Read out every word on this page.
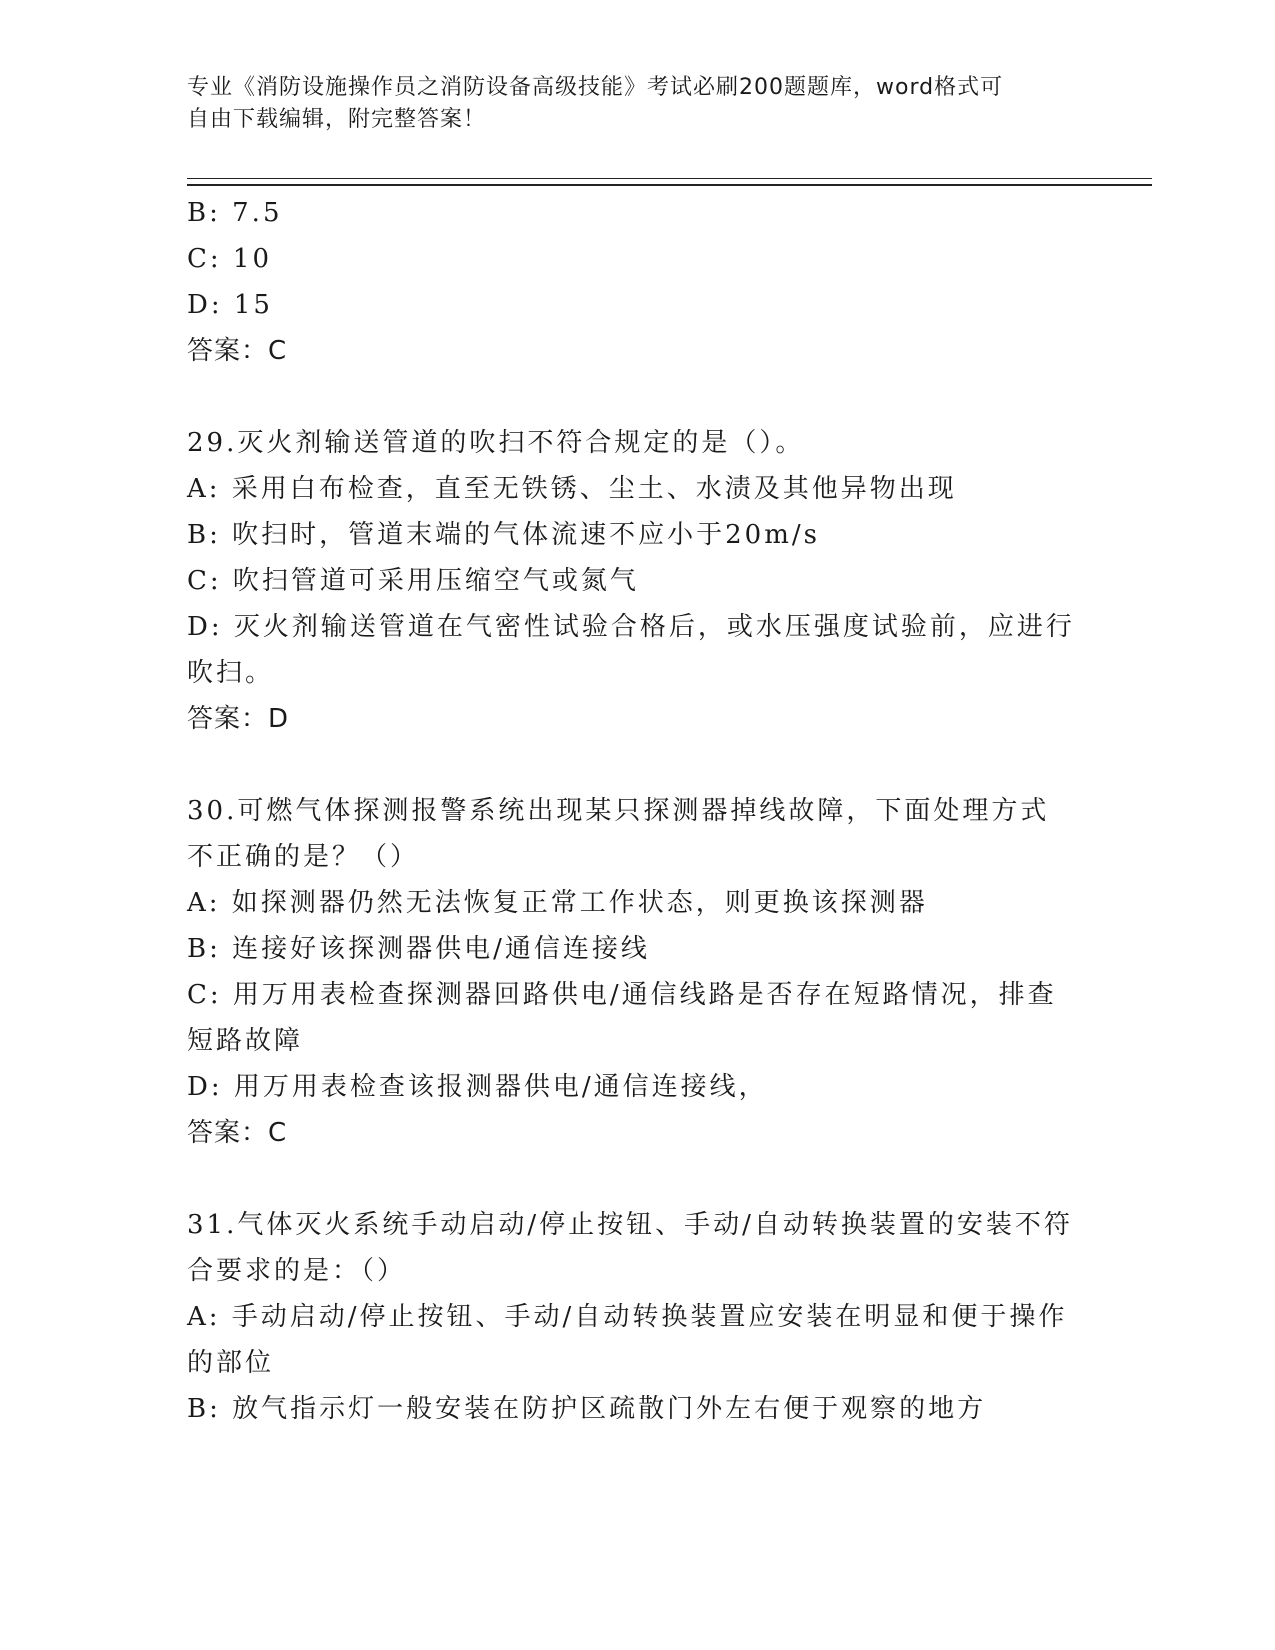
专业《消防设施操作员之消防设备高级技能》考试必刷200题题库，word格式可
自由下载编辑，附完整答案！

B: 7.5

C: 10

D: 15

答案：C

29.灭火剂输送管道的吹扫不符合规定的是（）。

A: 采用白布检查，直至无铁锈、尘土、水渍及其他异物出现

B: 吹扫时，管道末端的气体流速不应小于20m/s

C: 吹扫管道可采用压缩空气或氮气

D: 灭火剂输送管道在气密性试验合格后，或水压强度试验前，应进行吹扫。

答案：D

30.可燃气体探测报警系统出现某只探测器掉线故障，下面处理方式不正确的是？（）

A: 如探测器仍然无法恢复正常工作状态，则更换该探测器

B: 连接好该探测器供电/通信连接线

C: 用万用表检查探测器回路供电/通信线路是否存在短路情况，排查短路故障

D: 用万用表检查该报测器供电/通信连接线，

答案：C

31.气体灭火系统手动启动/停止按钮、手动/自动转换装置的安装不符合要求的是：（）

A: 手动启动/停止按钮、手动/自动转换装置应安装在明显和便于操作的部位

B: 放气指示灯一般安装在防护区疏散门外左右便于观察的地方
